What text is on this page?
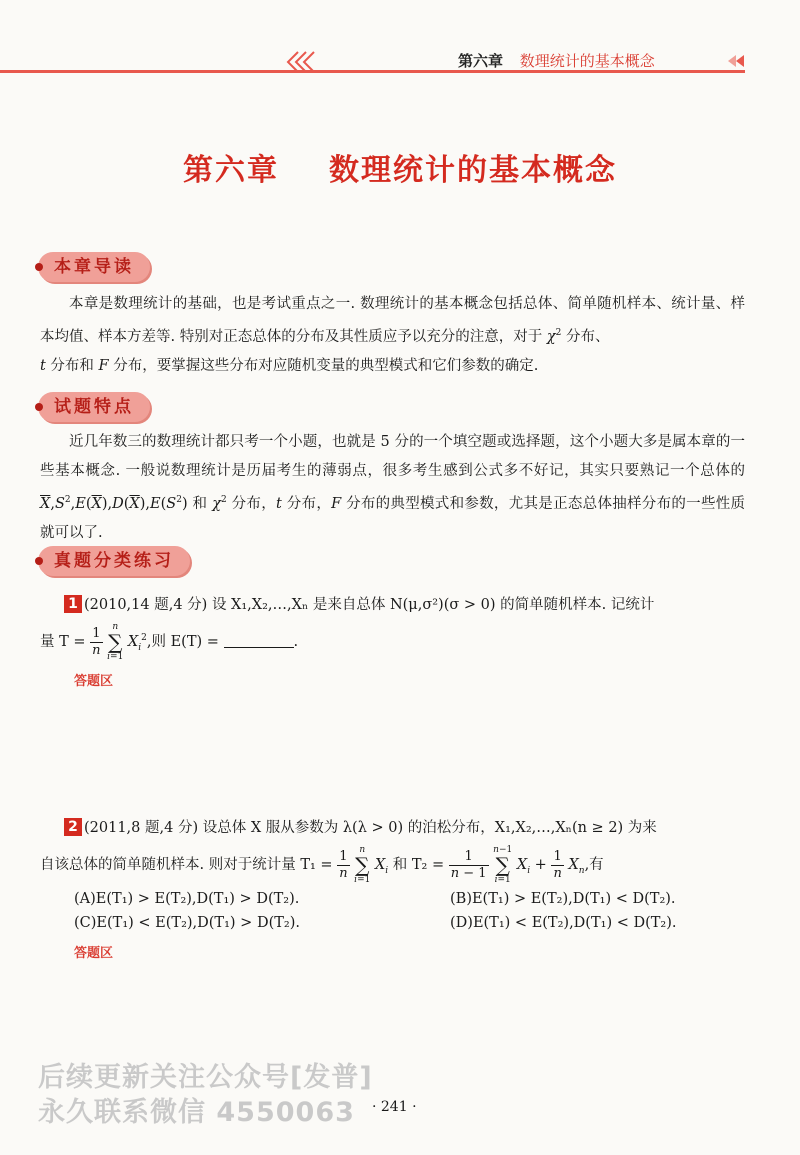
第六章 数理统计的基本概念
第六章 数理统计的基本概念
本章导读
本章是数理统计的基础，也是考试重点之一. 数理统计的基本概念包括总体、简单随机样本、统计量、样本均值、样本方差等. 特别对正态总体的分布及其性质应予以充分的注意，对于 $\chi^2$ 分布、
t 分布和 F 分布，要掌握这些分布对应随机变量的典型模式和它们参数的确定.
试题特点
近几年数三的数理统计都只考一个小题，也就是 5 分的一个填空题或选择题，这个小题大多是属本章的一些基本概念. 一般说数理统计是历届考生的薄弱点，很多考生感到公式多不好记，其实只要熟记一个总体的 $\overline{X},S^2,E(\overline{X}),D(\overline{X}),E(S^2)$ 和 $\chi^2$ 分布，t 分布，F 分布的典型模式和参数，尤其是正态总体抽样分布的一些性质就可以了.
真题分类练习
1 (2010,14 题,4 分) 设 X₁,X₂,…,Xₙ 是来自总体 N(μ,σ²)(σ > 0) 的简单随机样本. 记统计
量 $T = \frac{1}{n}$ n
∑
i=1 $X_i^2$,则 E(T) =	.
答题区
2 (2011,8 题,4 分) 设总体 X 服从参数为 λ(λ > 0) 的泊松分布，X₁,X₂,…,Xₙ(n ≥ 2) 为来
自该总体的简单随机样本. 则对于统计量 $T_1 = \frac{1}{n}$ n
∑
i=1 $X_i$ 和 $T_2 = \frac{1}{n - 1} n-1$
∑
i=1 $X_i + \frac{1}{n} X_n$,有
(A)E(T₁) > E(T₂),D(T₁) > D(T₂).	(B)E(T₁) > E(T₂),D(T₁) < D(T₂).
(C)E(T₁) < E(T₂),D(T₁) > D(T₂).	(D)E(T₁) < E(T₂),D(T₁) < D(T₂).
答题区
后续更新关注公众号[发普]
永久联系微信 4550063 · 241 ·
